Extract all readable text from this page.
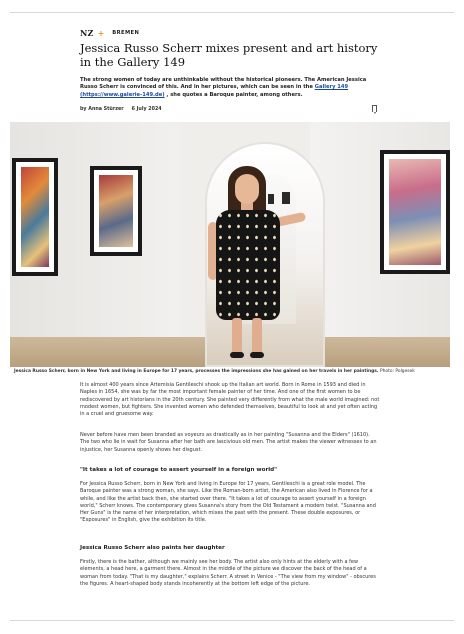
NZ + BREMEN
Jessica Russo Scherr mixes present and art history in the Gallery 149

The strong women of today are unthinkable without the historical pioneers. The American Jessica Russo Scherr is convinced of this. And in her pictures, which can be seen in the Gallery 149 (https://www.galerie-149.de) , she quotes a Baroque painter, among others.

by Anna Stürzer 6 July 2024

Jessica Russo Scherr, born in New York and living in Europe for 17 years, processes the impressions she has gained on her travels in her paintings. Photo: Polgesek

It is almost 400 years since Artemisia Gentileschi shook up the Italian art world. Born in Rome in 1593 and died in Naples in 1654, she was by far the most important female painter of her time. And one of the first women to be rediscovered by art historians in the 20th century. She painted very differently from what the male world imagined: not modest women, but fighters. She invented women who defended themselves, beautiful to look at and yet often acting in a cruel and gruesome way.

Never before have men been branded as voyeurs as drastically as in her painting "Susanna and the Elders" (1610). The two who lie in wait for Susanna after her bath are lascivious old men. The artist makes the viewer witnesses to an injustice, her Susanna openly shows her disgust.

"It takes a lot of courage to assert yourself in a foreign world"

For Jessica Russo Scherr, born in New York and living in Europe for 17 years, Gentileschi is a great role model. The Baroque painter was a strong woman, she says. Like the Roman-born artist, the American also lived in Florence for a while, and like the artist back then, she started over there. "It takes a lot of courage to assert yourself in a foreign world," Scherr knows. The contemporary gives Susanna's story from the Old Testament a modern twist. "Susanna and Her Guns" is the name of her interpretation, which mixes the past with the present. These double exposures, or "Exposures" in English, give the exhibition its title.

Jessica Russo Scherr also paints her daughter

Firstly, there is the bather, although we mainly see her body. The artist also only hints at the elderly with a few elements, a head here, a garment there. Almost in the middle of the picture we discover the back of the head of a woman from today. "That is my daughter," explains Scherr. A street in Venice - "The view from my window" - obscures the figures. A heart-shaped body stands incoherently at the bottom left edge of the picture.
